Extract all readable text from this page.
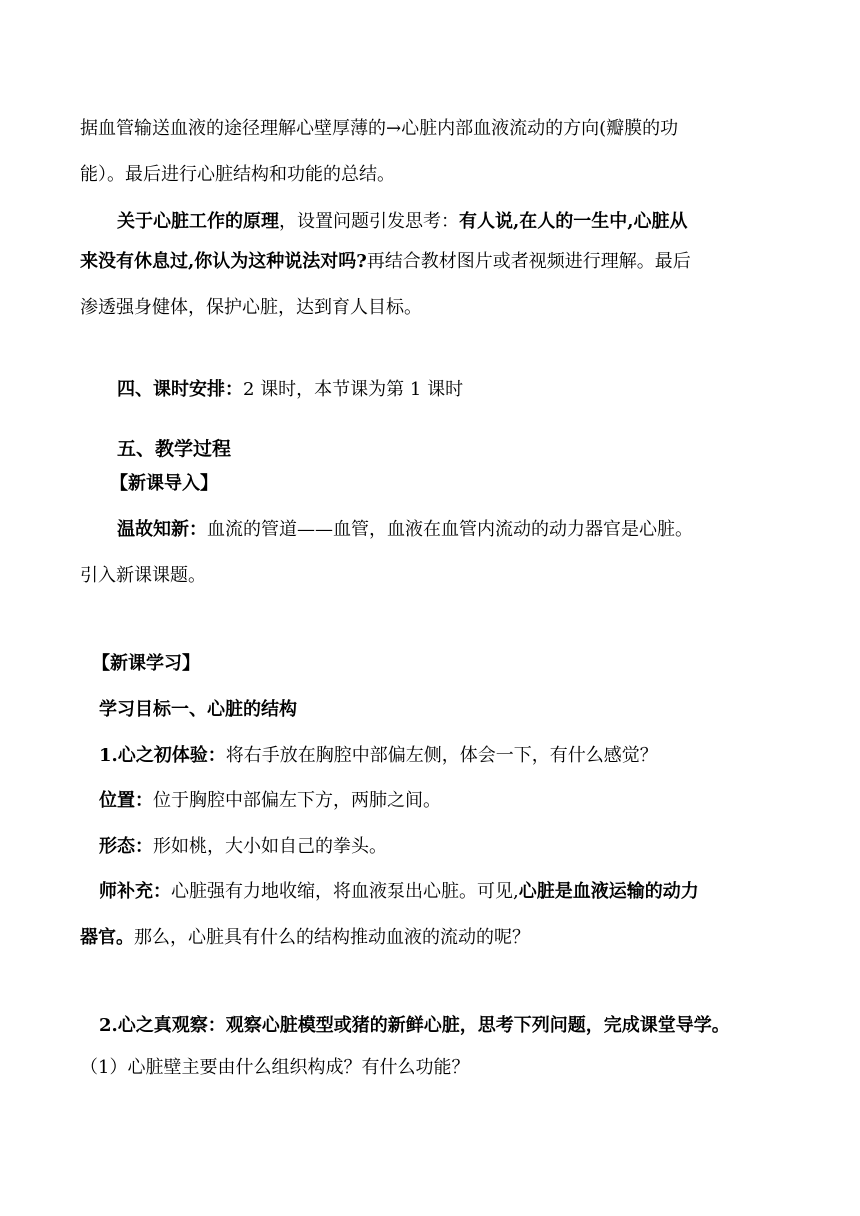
据血管输送血液的途径理解心壁厚薄的→心脏内部血液流动的方向(瓣膜的功
能）。最后进行心脏结构和功能的总结。
关于心脏工作的原理，设置问题引发思考：有人说,在人的一生中,心脏从
来没有休息过,你认为这种说法对吗?再结合教材图片或者视频进行理解。最后
渗透强身健体，保护心脏，达到育人目标。
四、课时安排：2 课时，本节课为第 1 课时
五、教学过程
【新课导入】
温故知新：血流的管道——血管，血液在血管内流动的动力器官是心脏。
引入新课课题。
【新课学习】
学习目标一、心脏的结构
1.心之初体验：将右手放在胸腔中部偏左侧，体会一下，有什么感觉？
位置：位于胸腔中部偏左下方，两肺之间。
形态：形如桃，大小如自己的拳头。
师补充：心脏强有力地收缩，将血液泵出心脏。可见,心脏是血液运输的动力
器官。那么，心脏具有什么的结构推动血液的流动的呢？
2.心之真观察：观察心脏模型或猪的新鲜心脏，思考下列问题，完成课堂导学。
（1）心脏壁主要由什么组织构成？有什么功能？
